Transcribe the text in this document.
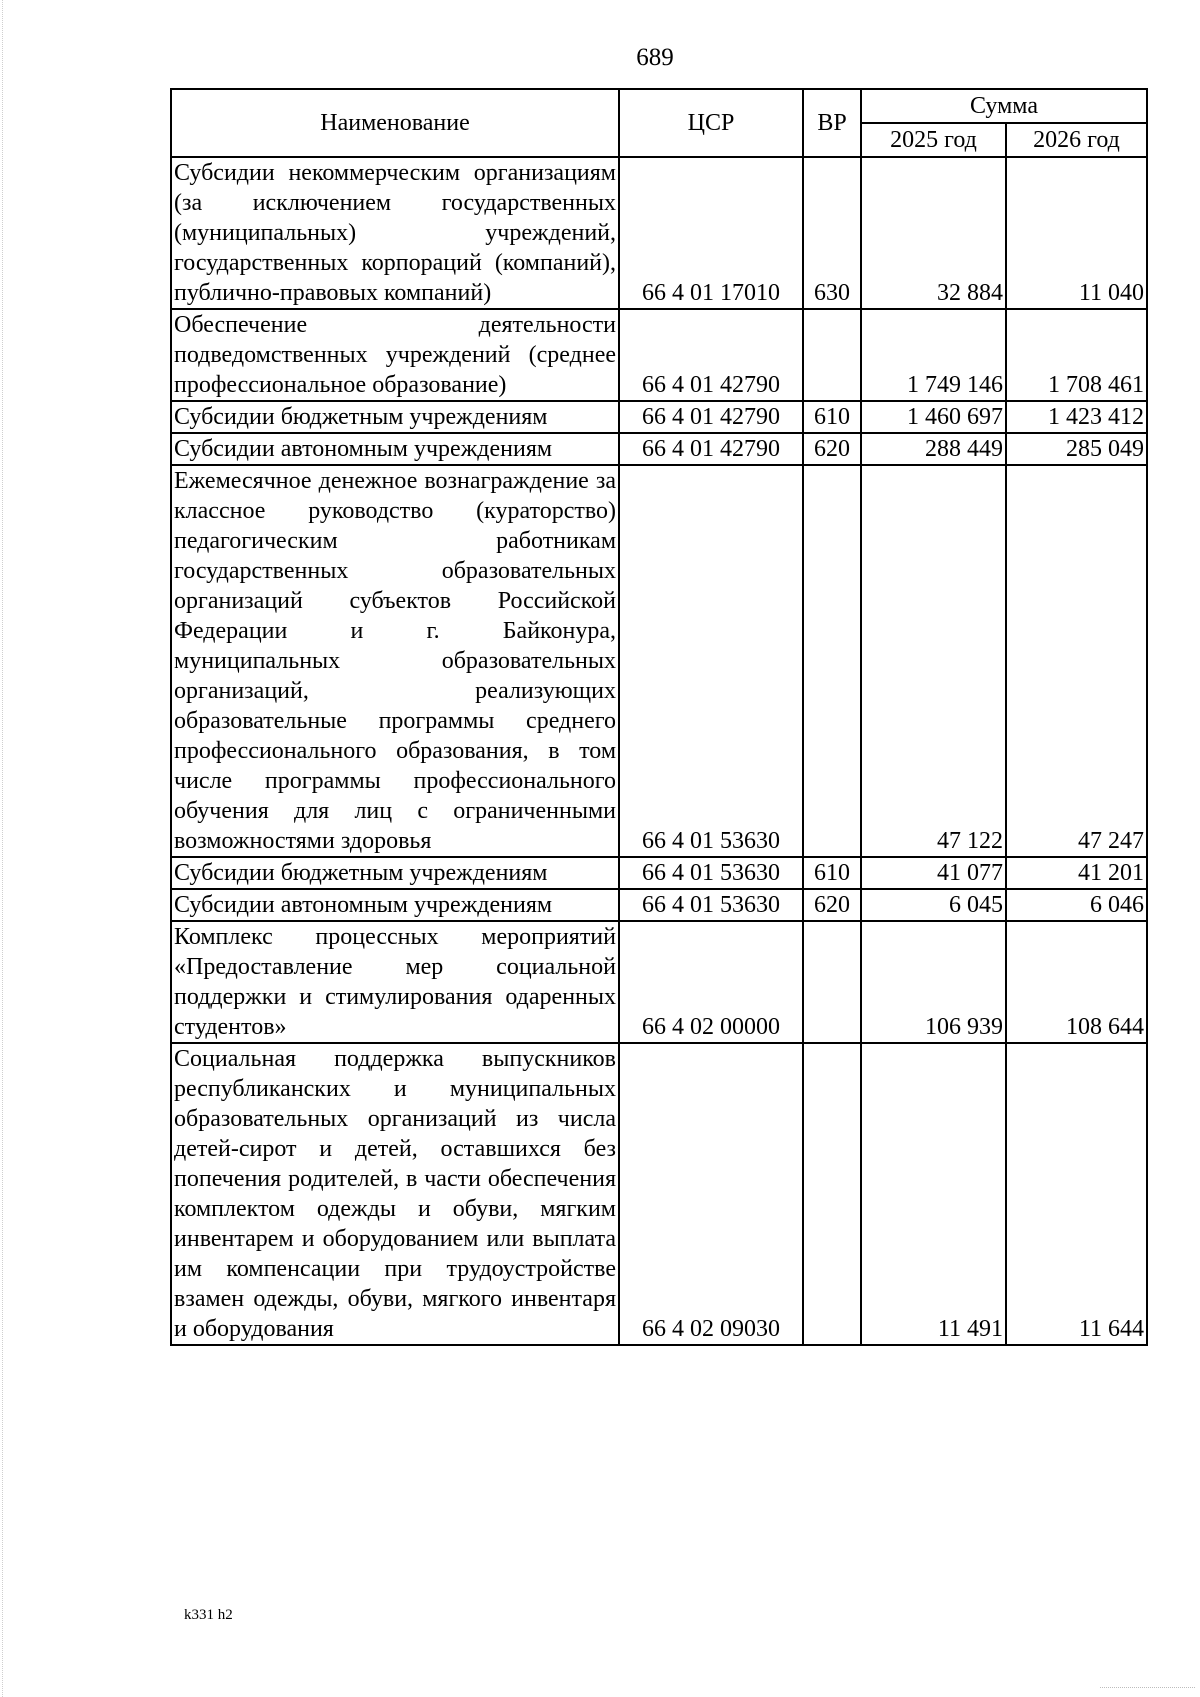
689
Наименование	ЦСР	ВР	Сумма	
			2025 год	2026 год
Субсидии некоммерческим организациям (за исключением государственных (муниципальных) учреждений, государственных корпораций (компаний), публично-правовых компаний)	66 4 01 17010	630	32 884	11 040
Обеспечение деятельности подведомственных учреждений (среднее профессиональное образование)	66 4 01 42790		1 749 146	1 708 461
Субсидии бюджетным учреждениям	66 4 01 42790	610	1 460 697	1 423 412
Субсидии автономным учреждениям	66 4 01 42790	620	288 449	285 049
Ежемесячное денежное вознаграждение за классное руководство (кураторство) педагогическим работникам государственных образовательных организаций субъектов Российской Федерации и г. Байконура, муниципальных образовательных организаций, реализующих образовательные программы среднего профессионального образования, в том числе программы профессионального обучения для лиц с ограниченными возможностями здоровья	66 4 01 53630		47 122	47 247
Субсидии бюджетным учреждениям	66 4 01 53630	610	41 077	41 201
Субсидии автономным учреждениям	66 4 01 53630	620	6 045	6 046
Комплекс процессных мероприятий «Предоставление мер социальной поддержки и стимулирования одаренных студентов»	66 4 02 00000		106 939	108 644
Социальная поддержка выпускников республиканских и муниципальных образовательных организаций из числа детей-сирот и детей, оставшихся без попечения родителей, в части обеспечения комплектом одежды и обуви, мягким инвентарем и оборудованием или выплата им компенсации при трудоустройстве взамен одежды, обуви, мягкого инвентаря и оборудования	66 4 02 09030		11 491	11 644
k331 h2
